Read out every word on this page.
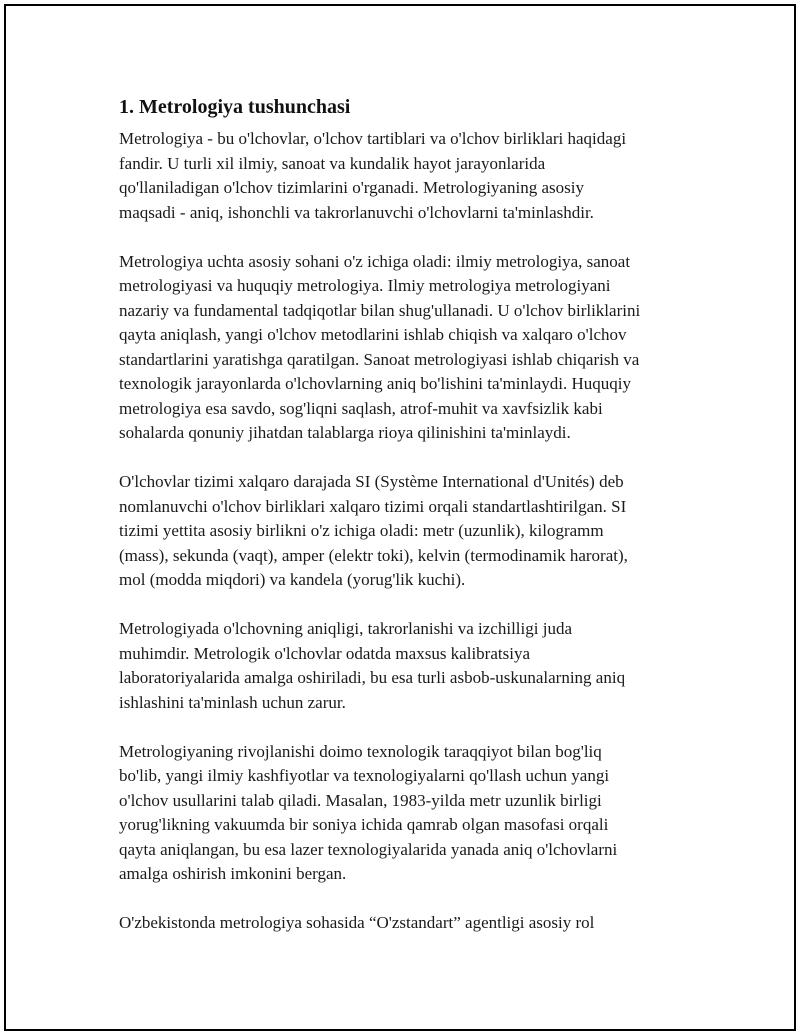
1. Metrologiya tushunchasi

Metrologiya - bu o'lchovlar, o'lchov tartiblari va o'lchov birliklari haqidagi
fandir. U turli xil ilmiy, sanoat va kundalik hayot jarayonlarida
qo'llaniladigan o'lchov tizimlarini o'rganadi. Metrologiyaning asosiy
maqsadi - aniq, ishonchli va takrorlanuvchi o'lchovlarni ta'minlashdir.

Metrologiya uchta asosiy sohani o'z ichiga oladi: ilmiy metrologiya, sanoat
metrologiyasi va huquqiy metrologiya. Ilmiy metrologiya metrologiyani
nazariy va fundamental tadqiqotlar bilan shug'ullanadi. U o'lchov birliklarini
qayta aniqlash, yangi o'lchov metodlarini ishlab chiqish va xalqaro o'lchov
standartlarini yaratishga qaratilgan. Sanoat metrologiyasi ishlab chiqarish va
texnologik jarayonlarda o'lchovlarning aniq bo'lishini ta'minlaydi. Huquqiy
metrologiya esa savdo, sog'liqni saqlash, atrof-muhit va xavfsizlik kabi
sohalarda qonuniy jihatdan talablarga rioya qilinishini ta'minlaydi.

O'lchovlar tizimi xalqaro darajada SI (Système International d'Unités) deb
nomlanuvchi o'lchov birliklari xalqaro tizimi orqali standartlashtirilgan. SI
tizimi yettita asosiy birlikni o'z ichiga oladi: metr (uzunlik), kilogramm
(mass), sekunda (vaqt), amper (elektr toki), kelvin (termodinamik harorat),
mol (modda miqdori) va kandela (yorug'lik kuchi).

Metrologiyada o'lchovning aniqligi, takrorlanishi va izchilligi juda
muhimdir. Metrologik o'lchovlar odatda maxsus kalibratsiya
laboratoriyalarida amalga oshiriladi, bu esa turli asbob-uskunalarning aniq
ishlashini ta'minlash uchun zarur.

Metrologiyaning rivojlanishi doimo texnologik taraqqiyot bilan bog'liq
bo'lib, yangi ilmiy kashfiyotlar va texnologiyalarni qo'llash uchun yangi
o'lchov usullarini talab qiladi. Masalan, 1983-yilda metr uzunlik birligi
yorug'likning vakuumda bir soniya ichida qamrab olgan masofasi orqali
qayta aniqlangan, bu esa lazer texnologiyalarida yanada aniq o'lchovlarni
amalga oshirish imkonini bergan.

O'zbekistonda metrologiya sohasida “O'zstandart” agentligi asosiy rol
